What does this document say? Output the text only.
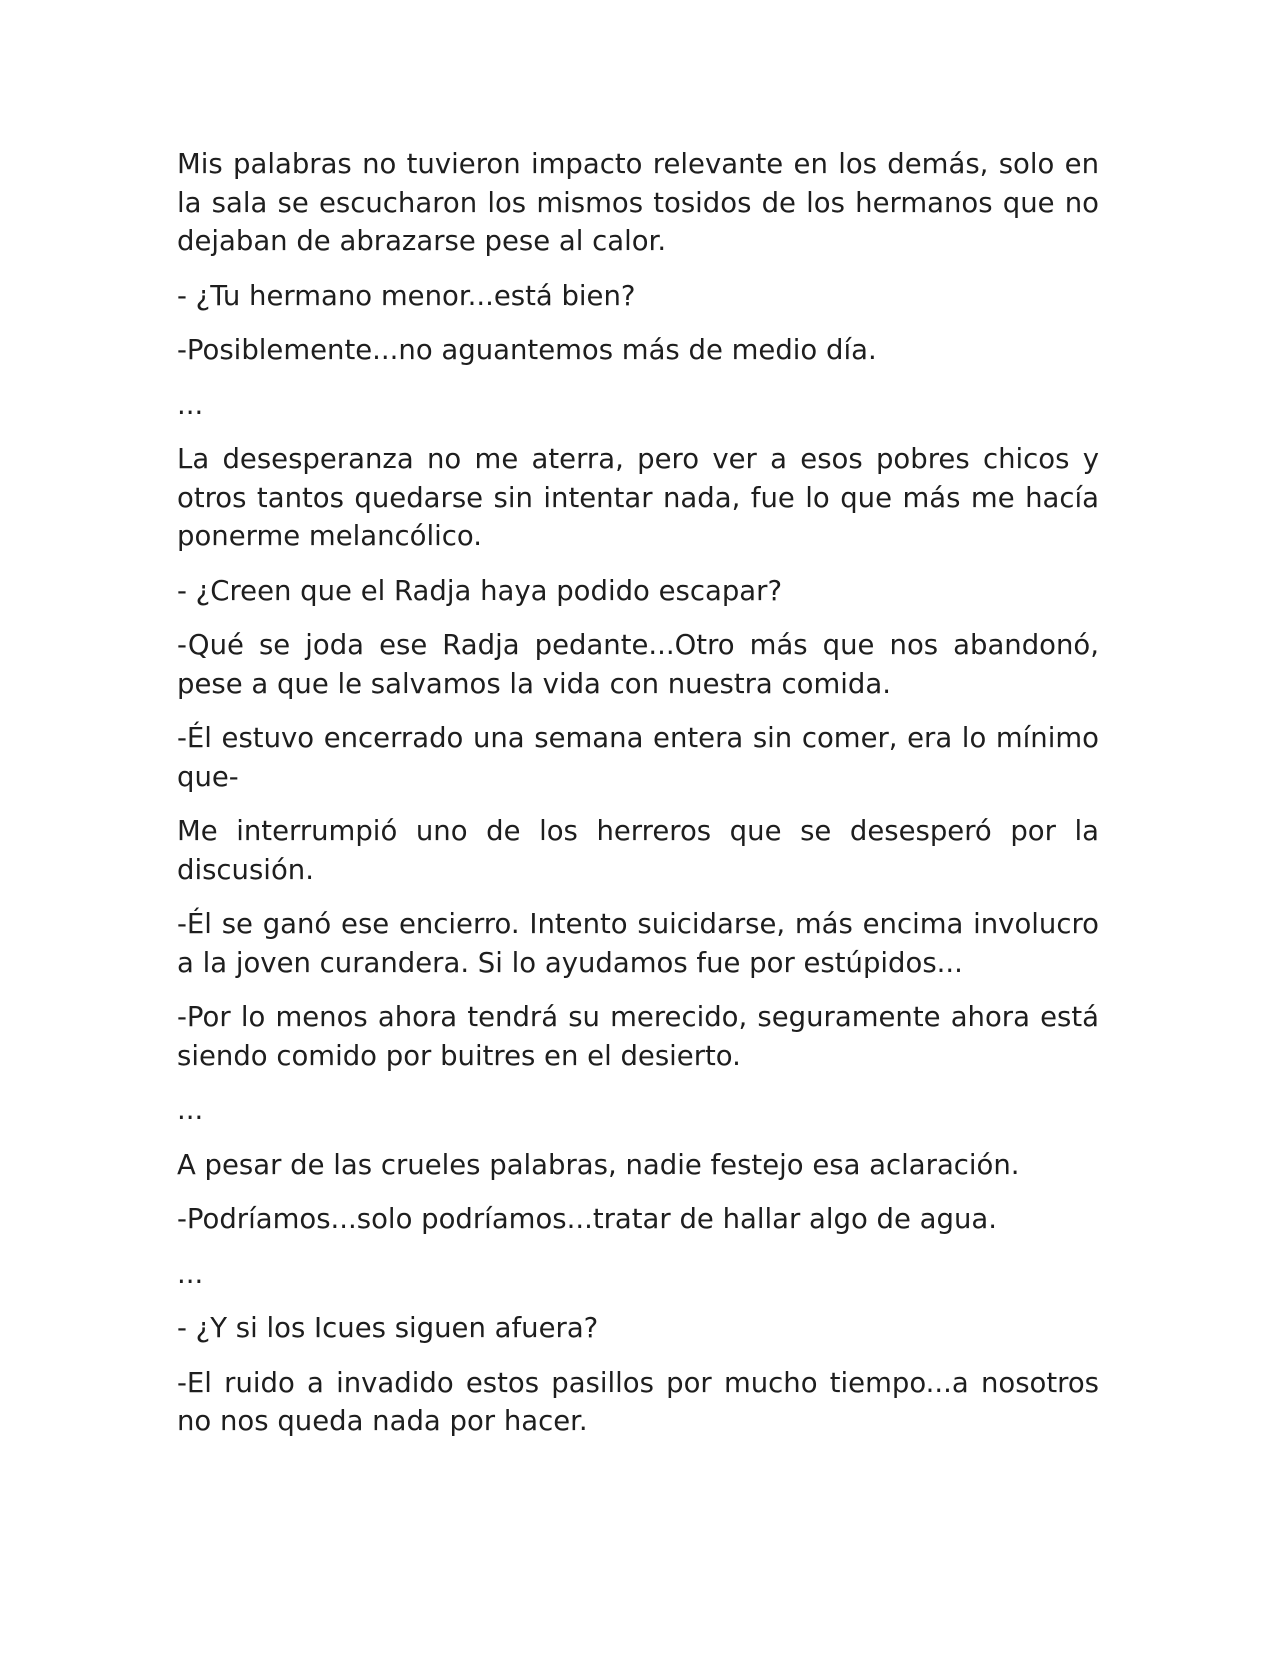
Mis palabras no tuvieron impacto relevante en los demás, solo en la sala se escucharon los mismos tosidos de los hermanos que no dejaban de abrazarse pese al calor.

- ¿Tu hermano menor...está bien?

-Posiblemente...no aguantemos más de medio día.

...

La desesperanza no me aterra, pero ver a esos pobres chicos y otros tantos quedarse sin intentar nada, fue lo que más me hacía ponerme melancólico.

- ¿Creen que el Radja haya podido escapar?

-Qué se joda ese Radja pedante...Otro más que nos abandonó, pese a que le salvamos la vida con nuestra comida.

-Él estuvo encerrado una semana entera sin comer, era lo mínimo que-

Me interrumpió uno de los herreros que se desesperó por la discusión.

-Él se ganó ese encierro. Intento suicidarse, más encima involucro a la joven curandera. Si lo ayudamos fue por estúpidos...

-Por lo menos ahora tendrá su merecido, seguramente ahora está siendo comido por buitres en el desierto.

...

A pesar de las crueles palabras, nadie festejo esa aclaración.

-Podríamos...solo podríamos...tratar de hallar algo de agua.

...

- ¿Y si los Icues siguen afuera?

-El ruido a invadido estos pasillos por mucho tiempo...a nosotros no nos queda nada por hacer.
